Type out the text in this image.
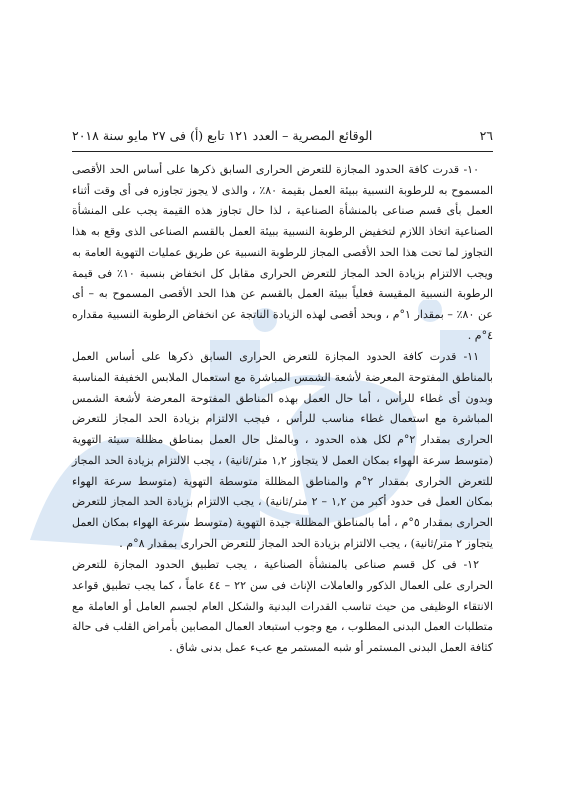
٢٦
الوقائع المصرية – العدد ١٢١ تابع (أ) فى ٢٧ مايو سنة ٢٠١٨

١٠- قدرت كافة الحدود المجازة للتعرض الحرارى السابق ذكرها على أساس الحد الأقصى المسموح به للرطوبة النسبية ببيئة العمل بقيمة ٨٠٪ ، والذى لا يجوز تجاوزه فى أى وقت أثناء العمل بأى قسم صناعى بالمنشأة الصناعية ، لذا حال تجاوز هذه القيمة يجب على المنشأة الصناعية اتخاذ اللازم لتخفيض الرطوبة النسبية ببيئة العمل بالقسم الصناعى الذى وقع به هذا التجاوز لما تحت هذا الحد الأقصى المجاز للرطوبة النسبية عن طريق عمليات التهوية العامة به ويجب الالتزام بزيادة الحد المجاز للتعرض الحرارى مقابل كل انخفاض بنسبة ١٠٪ فى قيمة الرطوبة النسبية المقيسة فعلياً ببيئة العمل بالقسم عن هذا الحد الأقصى المسموح به – أى عن ٨٠٪ – بمقدار ١°م ، وبحد أقصى لهذه الزيادة الناتجة عن انخفاض الرطوبة النسبية مقداره ٤°م .

١١- قدرت كافة الحدود المجازة للتعرض الحرارى السابق ذكرها على أساس العمل بالمناطق المفتوحة المعرضة لأشعة الشمس المباشرة مع استعمال الملابس الخفيفة المناسبة وبدون أى غطاء للرأس ، أما حال العمل بهذه المناطق المفتوحة المعرضة لأشعة الشمس المباشرة مع استعمال غطاء مناسب للرأس ، فيجب الالتزام بزيادة الحد المجاز للتعرض الحرارى بمقدار ٢°م لكل هذه الحدود ، وبالمثل حال العمل بمناطق مظللة سيئة التهوية (متوسط سرعة الهواء بمكان العمل لا يتجاوز ١,٢ متر/ثانية) ، يجب الالتزام بزيادة الحد المجاز للتعرض الحرارى بمقدار ٢°م والمناطق المظللة متوسطة التهوية (متوسط سرعة الهواء بمكان العمل فى حدود أكبر من ١,٢ – ٢ متر/ثانية) ، يجب الالتزام بزيادة الحد المجاز للتعرض الحرارى بمقدار ٥°م ، أما بالمناطق المظللة جيدة التهوية (متوسط سرعة الهواء بمكان العمل يتجاوز ٢ متر/ثانية) ، يجب الالتزام بزيادة الحد المجاز للتعرض الحرارى بمقدار ٨°م .

١٢- فى كل قسم صناعى بالمنشأة الصناعية ، يجب تطبيق الحدود المجازة للتعرض الحرارى على العمال الذكور والعاملات الإناث فى سن ٢٢ – ٤٤ عاماً ، كما يجب تطبيق قواعد الانتقاء الوظيفى من حيث تناسب القدرات البدنية والشكل العام لجسم العامل أو العاملة مع متطلبات العمل البدنى المطلوب ، مع وجوب استبعاد العمال المصابين بأمراض القلب فى حالة كثافة العمل البدنى المستمر أو شبه المستمر مع عبء عمل بدنى شاق .
